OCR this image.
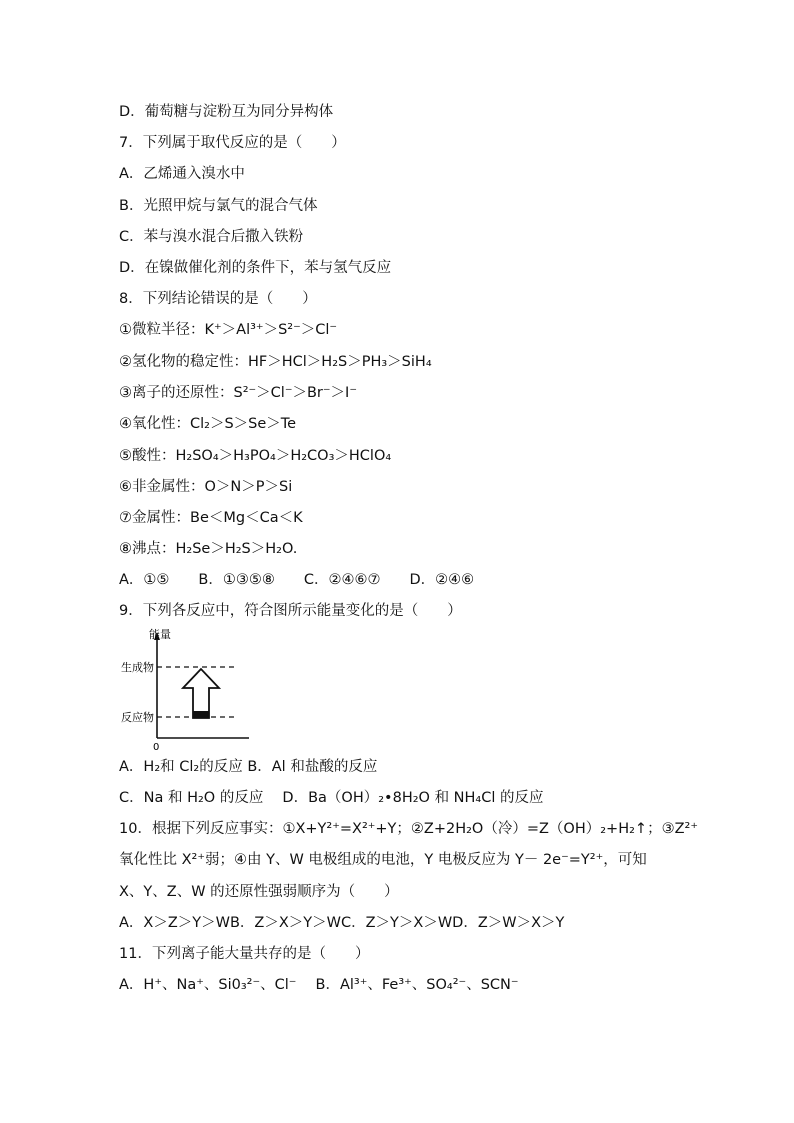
D．葡萄糖与淀粉互为同分异构体
7．下列属于取代反应的是（　　）
A．乙烯通入溴水中
B．光照甲烷与氯气的混合气体
C．苯与溴水混合后撒入铁粉
D．在镍做催化剂的条件下，苯与氢气反应
8．下列结论错误的是（　　）
①微粒半径：K⁺＞Al³⁺＞S²⁻＞Cl⁻
②氢化物的稳定性：HF＞HCl＞H₂S＞PH₃＞SiH₄
③离子的还原性：S²⁻＞Cl⁻＞Br⁻＞I⁻
④氧化性：Cl₂＞S＞Se＞Te
⑤酸性：H₂SO₄＞H₃PO₄＞H₂CO₃＞HClO₄
⑥非金属性：O＞N＞P＞Si
⑦金属性：Be＜Mg＜Ca＜K
⑧沸点：H₂Se＞H₂S＞H₂O.
A．①⑤　　B．①③⑤⑧　　C．②④⑥⑦　　D．②④⑥
9．下列各反应中，符合图所示能量变化的是（　　）
能量
生成物
反应物
0
A．H₂和 Cl₂的反应 B．Al 和盐酸的反应
C．Na 和 H₂O 的反应　 D．Ba（OH）₂•8H₂O 和 NH₄Cl 的反应
10．根据下列反应事实：①X+Y²⁺=X²⁺+Y；②Z+2H₂O（冷）=Z（OH）₂+H₂↑；③Z²⁺
氧化性比 X²⁺弱；④由 Y、W 电极组成的电池，Y 电极反应为 Y－ 2e⁻=Y²⁺，可知
X、Y、Z、W 的还原性强弱顺序为（　　）
A．X＞Z＞Y＞WB．Z＞X＞Y＞WC．Z＞Y＞X＞WD．Z＞W＞X＞Y
11．下列离子能大量共存的是（　　）
A．H⁺、Na⁺、Si0₃²⁻、Cl⁻　 B．Al³⁺、Fe³⁺、SO₄²⁻、SCN⁻
